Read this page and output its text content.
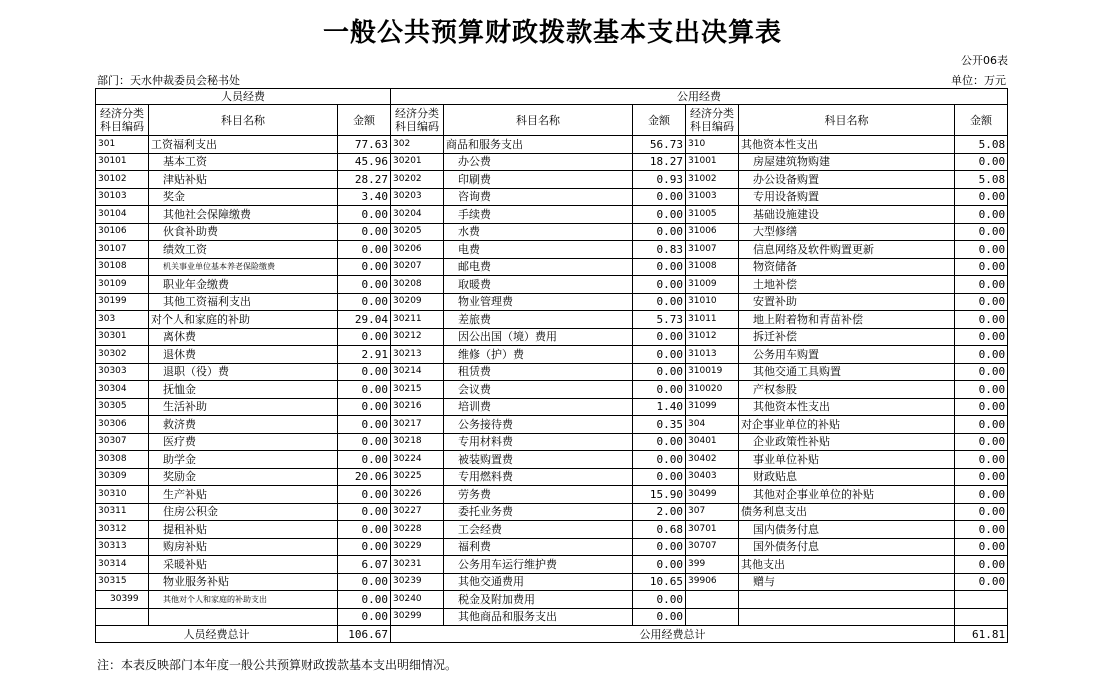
一般公共预算财政拨款基本支出决算表
公开06表
部门：天水仲裁委员会秘书处	单位：万元
人员经费			公用经费					
经济分类科目编码	科目名称	金额	经济分类科目编码	科目名称	金额	经济分类科目编码	科目名称	金额
301	工资福利支出	77.63	302	商品和服务支出	56.73	310	其他资本性支出	5.08
30101	基本工资	45.96	30201	办公费	18.27	31001	房屋建筑物购建	0.00
30102	津贴补贴	28.27	30202	印刷费	0.93	31002	办公设备购置	5.08
30103	奖金	3.40	30203	咨询费	0.00	31003	专用设备购置	0.00
30104	其他社会保障缴费	0.00	30204	手续费	0.00	31005	基础设施建设	0.00
30106	伙食补助费	0.00	30205	水费	0.00	31006	大型修缮	0.00
30107	绩效工资	0.00	30206	电费	0.83	31007	信息网络及软件购置更新	0.00
30108	机关事业单位基本养老保险缴费	0.00	30207	邮电费	0.00	31008	物资储备	0.00
30109	职业年金缴费	0.00	30208	取暖费	0.00	31009	土地补偿	0.00
30199	其他工资福利支出	0.00	30209	物业管理费	0.00	31010	安置补助	0.00
303	对个人和家庭的补助	29.04	30211	差旅费	5.73	31011	地上附着物和青苗补偿	0.00
30301	离休费	0.00	30212	因公出国（境）费用	0.00	31012	拆迁补偿	0.00
30302	退休费	2.91	30213	维修（护）费	0.00	31013	公务用车购置	0.00
30303	退职（役）费	0.00	30214	租赁费	0.00	310019	其他交通工具购置	0.00
30304	抚恤金	0.00	30215	会议费	0.00	310020	产权参股	0.00
30305	生活补助	0.00	30216	培训费	1.40	31099	其他资本性支出	0.00
30306	救济费	0.00	30217	公务接待费	0.35	304	对企事业单位的补贴	0.00
30307	医疗费	0.00	30218	专用材料费	0.00	30401	企业政策性补贴	0.00
30308	助学金	0.00	30224	被装购置费	0.00	30402	事业单位补贴	0.00
30309	奖励金	20.06	30225	专用燃料费	0.00	30403	财政贴息	0.00
30310	生产补贴	0.00	30226	劳务费	15.90	30499	其他对企事业单位的补贴	0.00
30311	住房公积金	0.00	30227	委托业务费	2.00	307	债务利息支出	0.00
30312	提租补贴	0.00	30228	工会经费	0.68	30701	国内债务付息	0.00
30313	购房补贴	0.00	30229	福利费	0.00	30707	国外债务付息	0.00
30314	采暖补贴	6.07	30231	公务用车运行维护费	0.00	399	其他支出	0.00
30315	物业服务补贴	0.00	30239	其他交通费用	10.65	39906	赠与	0.00
30399	其他对个人和家庭的补助支出	0.00	30240	税金及附加费用	0.00			
		0.00	30299	其他商品和服务支出	0.00			
人员经费总计		106.67	公用经费总计					61.81
注：本表反映部门本年度一般公共预算财政拨款基本支出明细情况。
